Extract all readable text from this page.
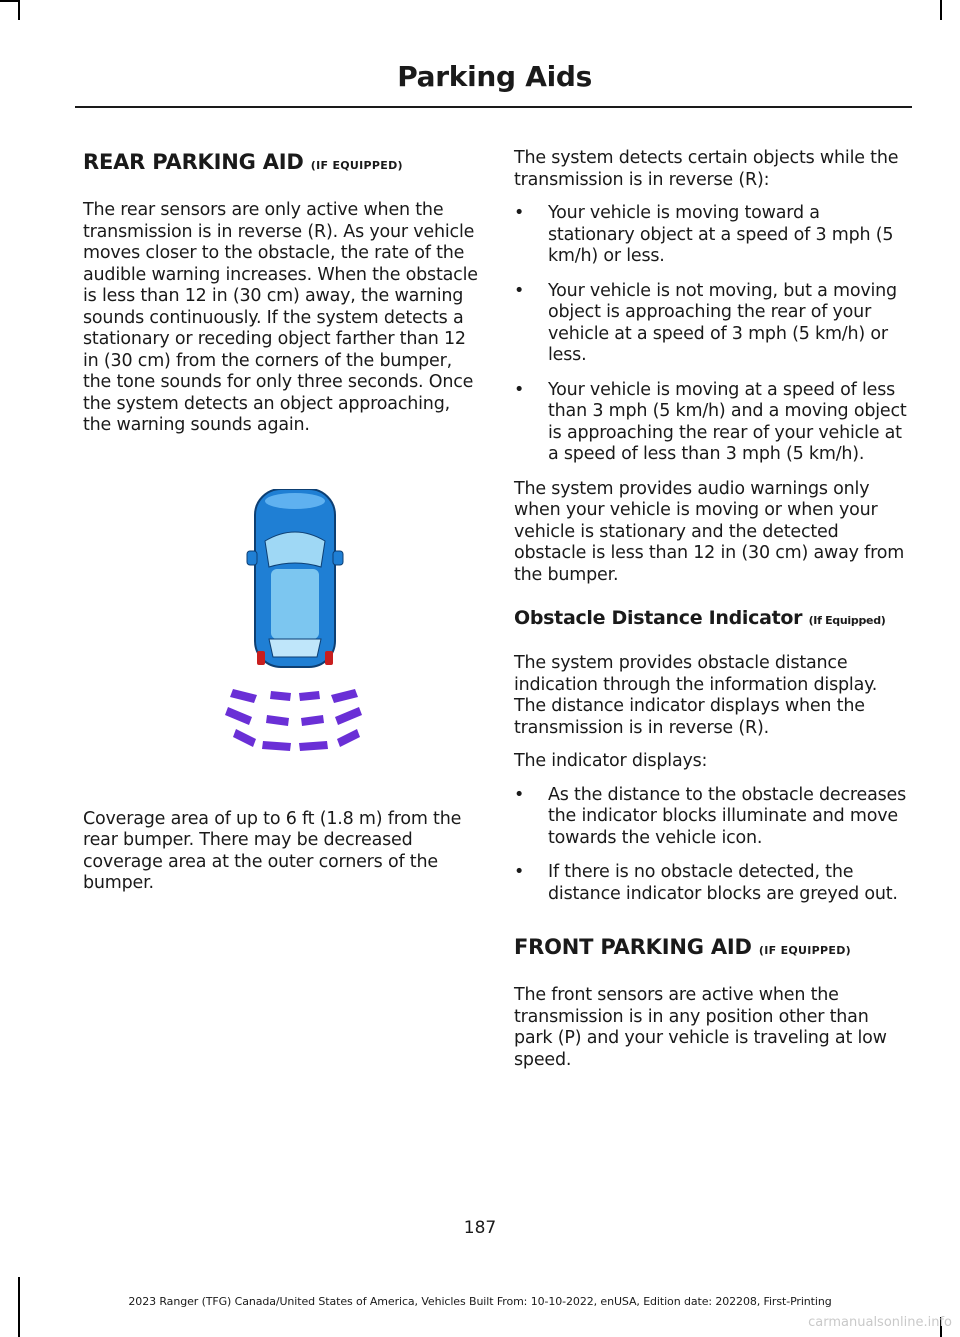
Parking Aids
REAR PARKING AID (IF EQUIPPED)

The rear sensors are only active when the transmission is in reverse (R). As your vehicle moves closer to the obstacle, the rate of the audible warning increases. When the obstacle is less than 12 in (30 cm) away, the warning sounds continuously. If the system detects a stationary or receding object farther than 12 in (30 cm) from the corners of the bumper, the tone sounds for only three seconds. Once the system detects an object approaching, the warning sounds again.

Coverage area of up to 6 ft (1.8 m) from the rear bumper. There may be decreased coverage area at the outer corners of the bumper.

The system detects certain objects while the transmission is in reverse (R):

• Your vehicle is moving toward a stationary object at a speed of 3 mph (5 km/h) or less.
• Your vehicle is not moving, but a moving object is approaching the rear of your vehicle at a speed of 3 mph (5 km/h) or less.
• Your vehicle is moving at a speed of less than 3 mph (5 km/h) and a moving object is approaching the rear of your vehicle at a speed of less than 3 mph (5 km/h).

The system provides audio warnings only when your vehicle is moving or when your vehicle is stationary and the detected obstacle is less than 12 in (30 cm) away from the bumper.

Obstacle Distance Indicator (If Equipped)

The system provides obstacle distance indication through the information display. The distance indicator displays when the transmission is in reverse (R).

The indicator displays:

• As the distance to the obstacle decreases the indicator blocks illuminate and move towards the vehicle icon.
• If there is no obstacle detected, the distance indicator blocks are greyed out.
FRONT PARKING AID (IF EQUIPPED)

The front sensors are active when the transmission is in any position other than park (P) and your vehicle is traveling at low speed.

187
2023 Ranger (TFG) Canada/United States of America, Vehicles Built From: 10-10-2022, enUSA, Edition date: 202208, First-Printing
carmanualsonline.info
